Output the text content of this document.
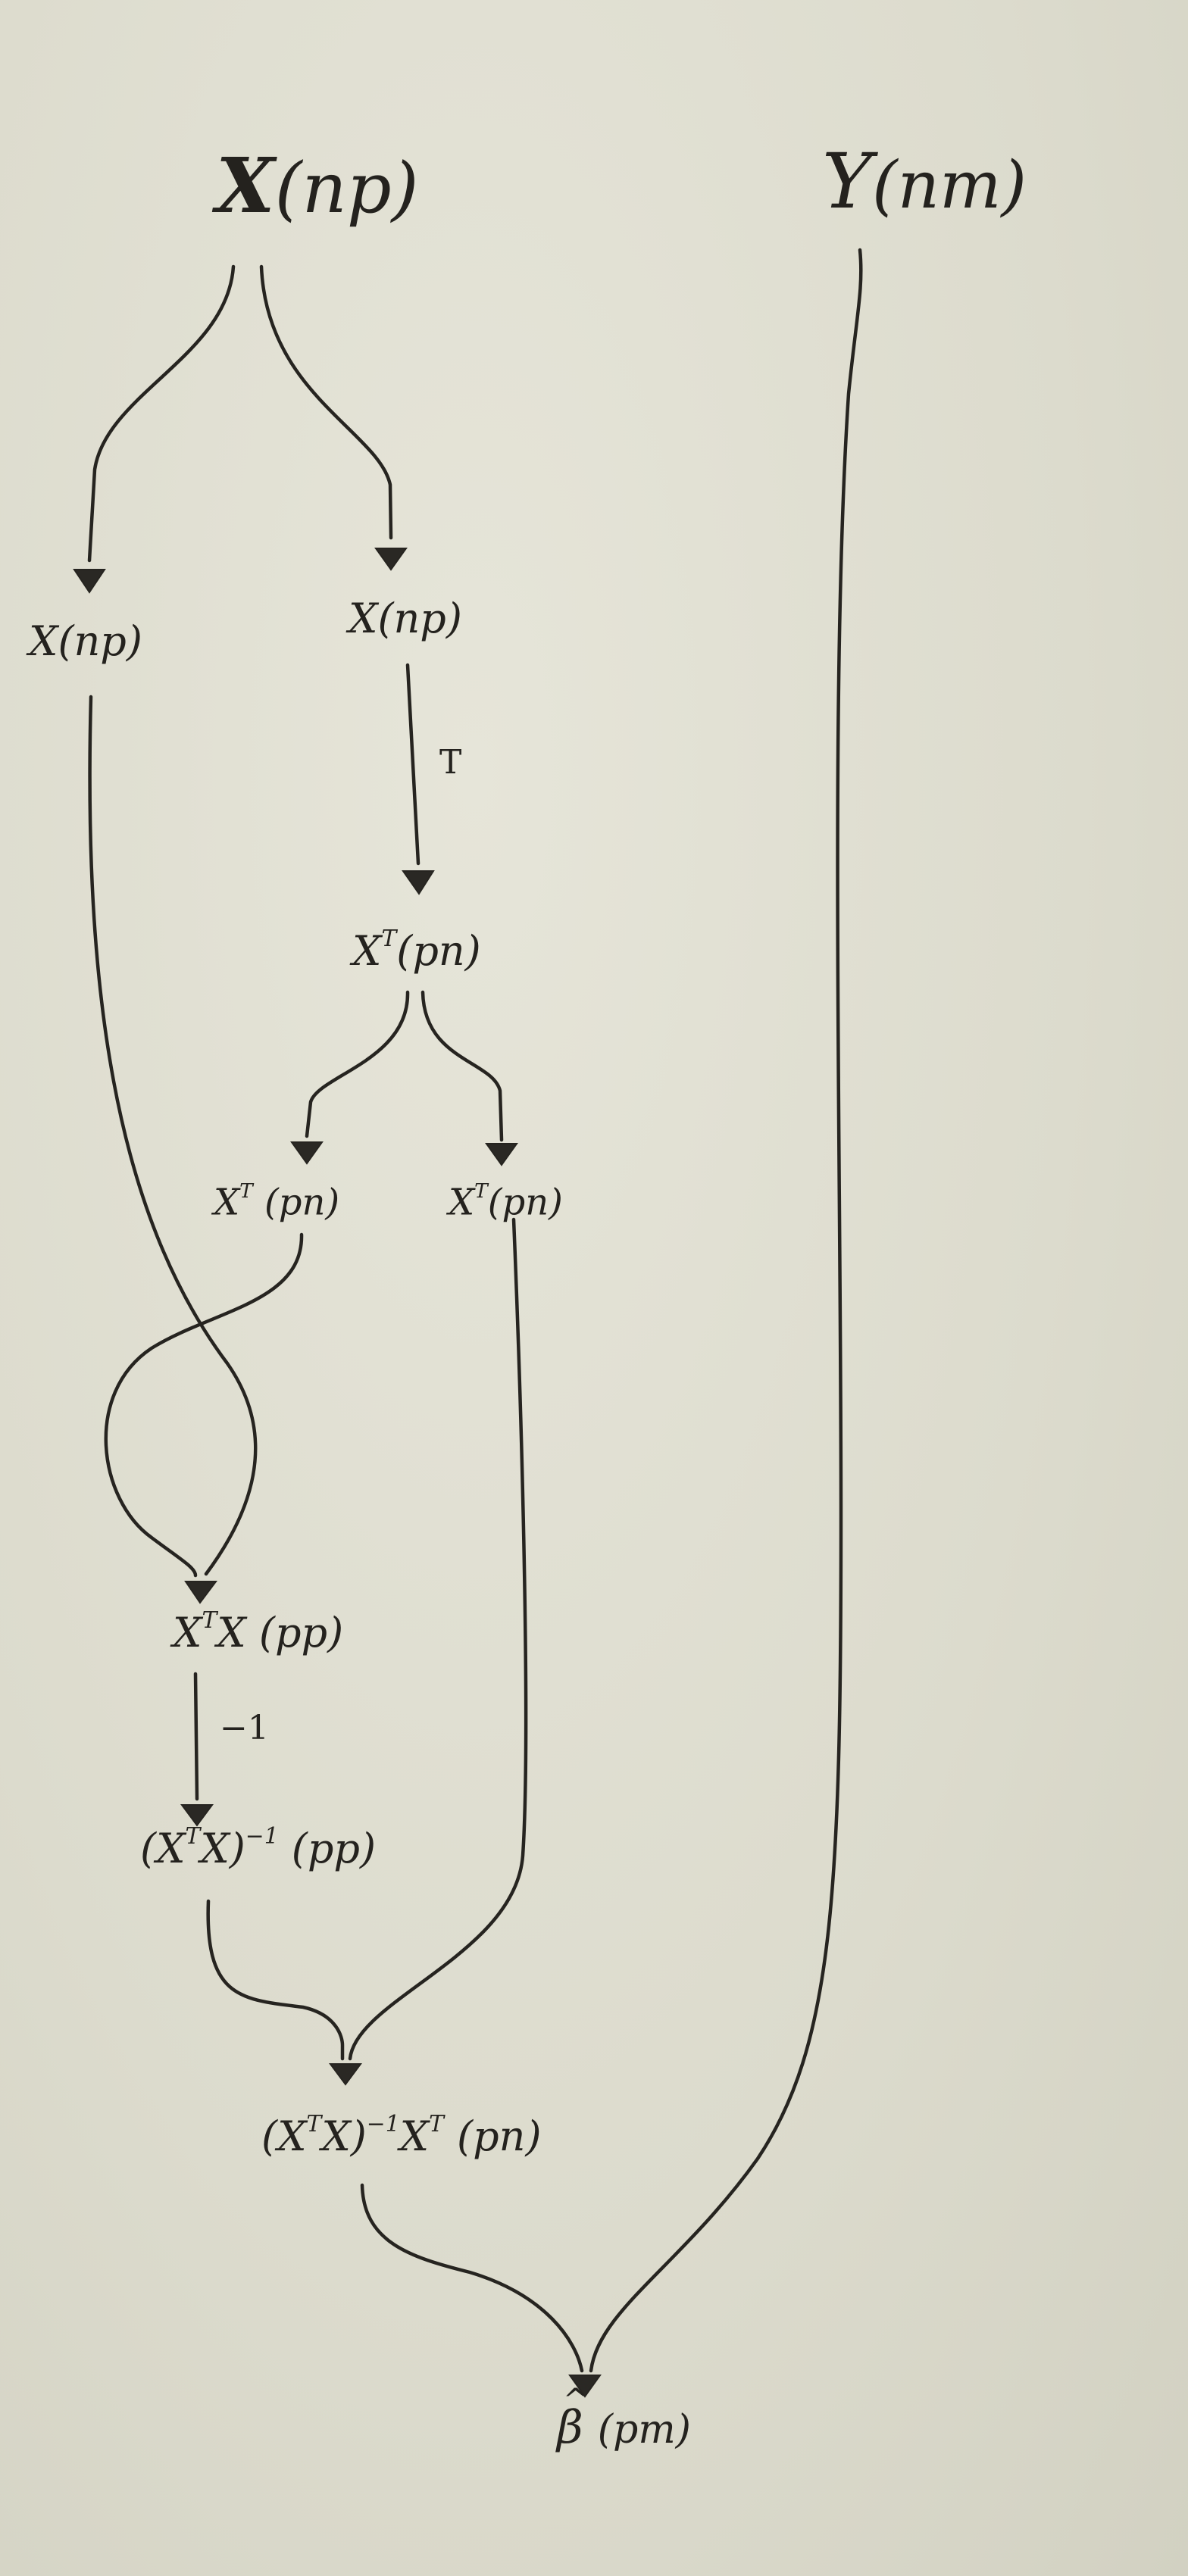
X(np)	Y(nm)
X(np)	X(np)
T
$X^T(pn)$
$X^T$ (pn)	$X^T(pn)$
$X^TX$ (pp)
−1
$(X^TX)^{-1}$ (pp)
$(X^TX)^{-1}X^T$ (pn)
^ β (pm)
